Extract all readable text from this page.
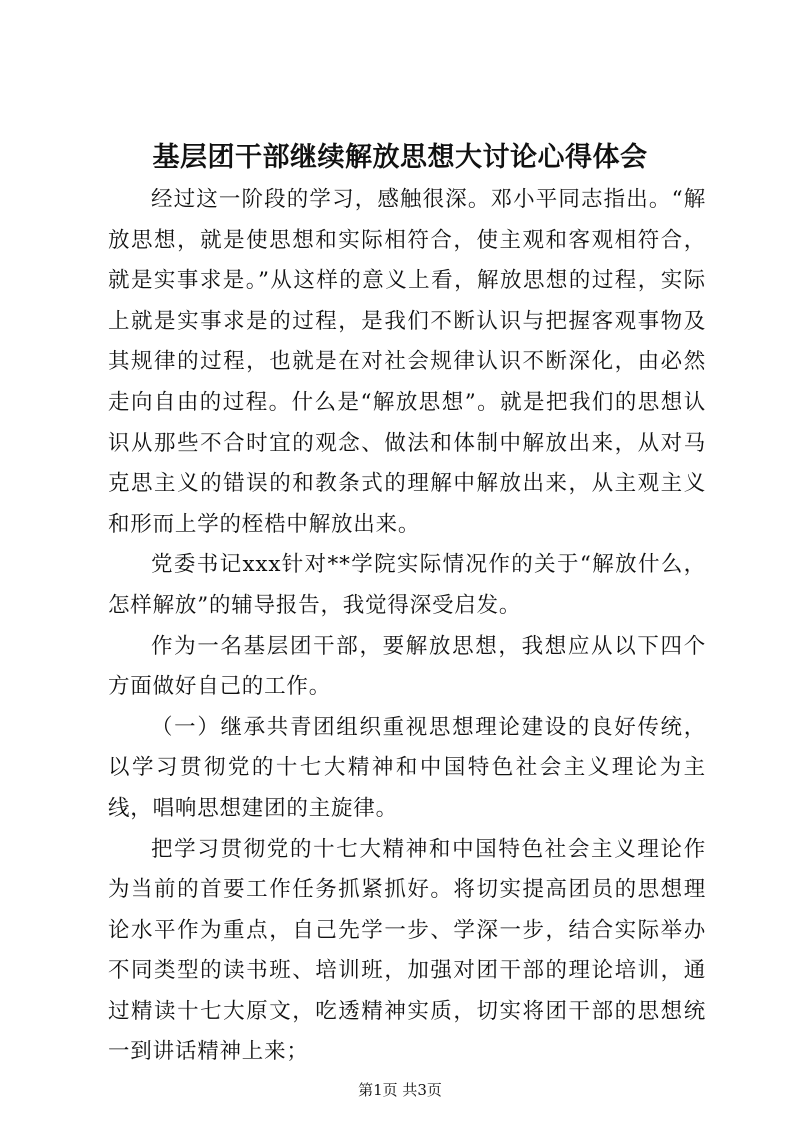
基层团干部继续解放思想大讨论心得体会

经过这一阶段的学习，感触很深。邓小平同志指出。“解放思想，就是使思想和实际相符合，使主观和客观相符合，就是实事求是。”从这样的意义上看，解放思想的过程，实际上就是实事求是的过程，是我们不断认识与把握客观事物及其规律的过程，也就是在对社会规律认识不断深化，由必然走向自由的过程。什么是“解放思想”。就是把我们的思想认识从那些不合时宜的观念、做法和体制中解放出来，从对马克思主义的错误的和教条式的理解中解放出来，从主观主义和形而上学的桎梏中解放出来。

党委书记xxx针对**学院实际情况作的关于“解放什么，怎样解放”的辅导报告，我觉得深受启发。

作为一名基层团干部，要解放思想，我想应从以下四个方面做好自己的工作。

（一）继承共青团组织重视思想理论建设的良好传统，以学习贯彻党的十七大精神和中国特色社会主义理论为主线，唱响思想建团的主旋律。

把学习贯彻党的十七大精神和中国特色社会主义理论作为当前的首要工作任务抓紧抓好。将切实提高团员的思想理论水平作为重点，自己先学一步、学深一步，结合实际举办不同类型的读书班、培训班，加强对团干部的理论培训，通过精读十七大原文，吃透精神实质，切实将团干部的思想统一到讲话精神上来；

第1页 共3页
